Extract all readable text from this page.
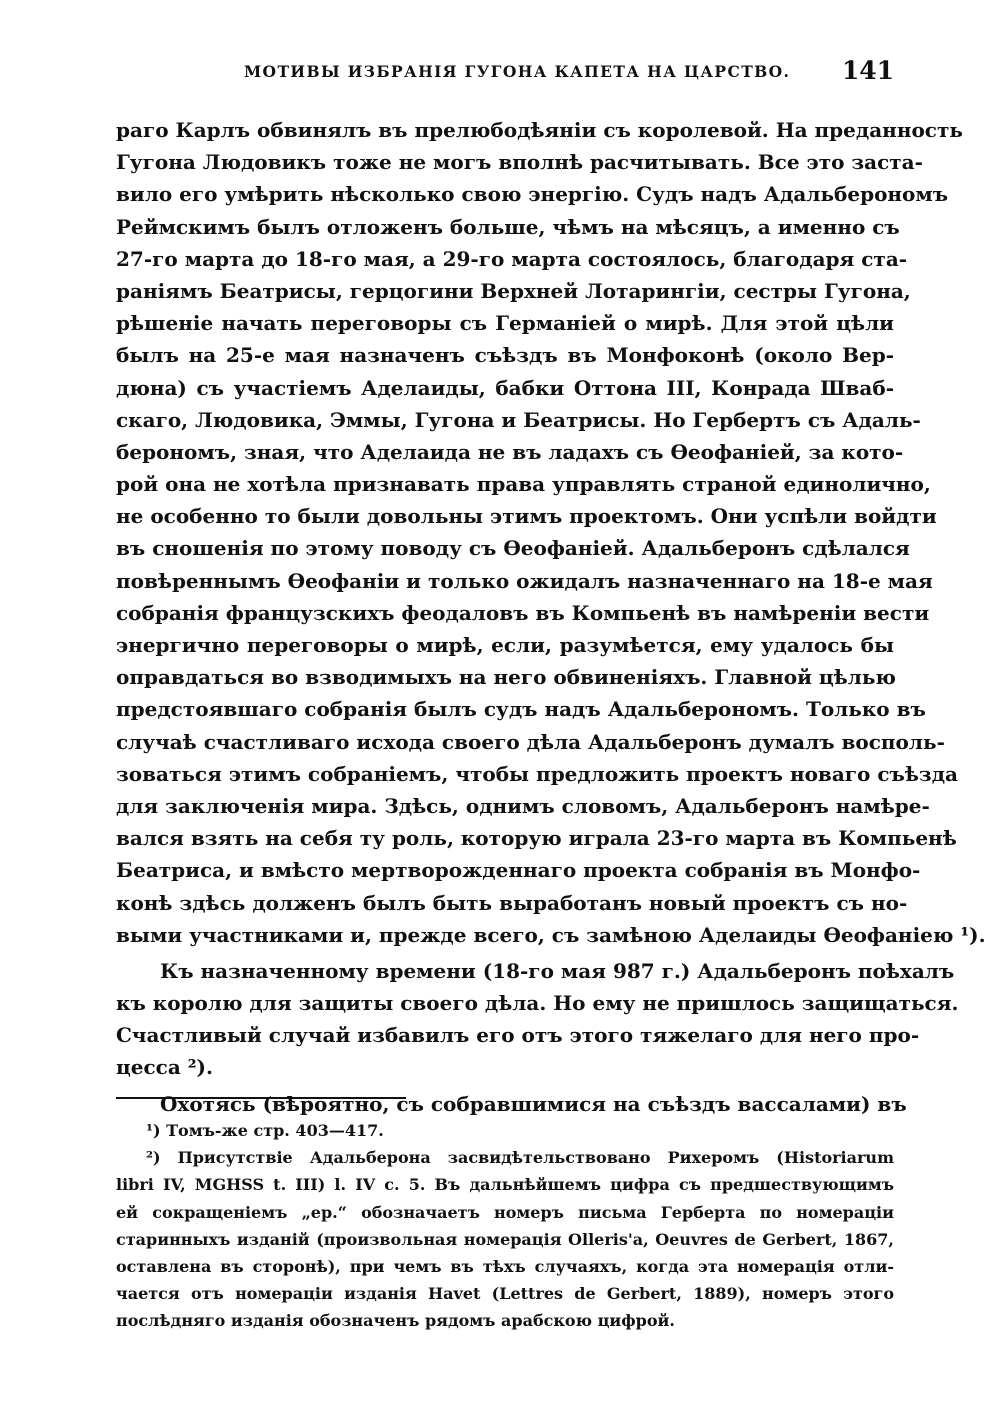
МОТИВЫ ИЗБРАНІЯ ГУГОНА КАПЕТА НА ЦАРСТВО. 141
раго Карлъ обвинялъ въ прелюбодѣяніи съ королевой. На преданность
Гугона Людовикъ тоже не могъ вполнѣ расчитывать. Все это заста-
вило его умѣрить нѣсколько свою энергію. Судъ надъ Адальберономъ
Реймскимъ былъ отложенъ больше, чѣмъ на мѣсяцъ, а именно съ
27-го марта до 18-го мая, а 29-го марта состоялось, благодаря ста-
раніямъ Беатрисы, герцогини Верхней Лотарингіи, сестры Гугона,
рѣшеніе начать переговоры съ Германіей о мирѣ. Для этой цѣли
былъ на 25-е мая назначенъ съѣздъ въ Монфоконѣ (около Вер-
дюна) съ участіемъ Аделаиды, бабки Оттона III, Конрада Шваб-
скаго, Людовика, Эммы, Гугона и Беатрисы. Но Гербертъ съ Адаль-
берономъ, зная, что Аделаида не въ ладахъ съ Ѳеофаніей, за кото-
рой она не хотѣла признавать права управлять страной единолично,
не особенно то были довольны этимъ проектомъ. Они успѣли войдти
въ сношенія по этому поводу съ Ѳеофаніей. Адальберонъ сдѣлался
повѣреннымъ Ѳеофаніи и только ожидалъ назначеннаго на 18-е мая
собранія французскихъ феодаловъ въ Компьенѣ въ намѣреніи вести
энергично переговоры о мирѣ, если, разумѣется, ему удалось бы
оправдаться во взводимыхъ на него обвиненіяхъ. Главной цѣлью
предстоявшаго собранія былъ судъ надъ Адальберономъ. Только въ
случаѣ счастливаго исхода своего дѣла Адальберонъ думалъ восполь-
зоваться этимъ собраніемъ, чтобы предложить проектъ новаго съѣзда
для заключенія мира. Здѣсь, однимъ словомъ, Адальберонъ намѣре-
вался взять на себя ту роль, которую играла 23-го марта въ Компьенѣ
Беатриса, и вмѣсто мертворожденнаго проекта собранія въ Монфо-
конѣ здѣсь долженъ былъ быть выработанъ новый проектъ съ но-
выми участниками и, прежде всего, съ замѣною Аделаиды Ѳеофаніею ¹).
Къ назначенному времени (18-го мая 987 г.) Адальберонъ поѣхалъ
къ королю для защиты своего дѣла. Но ему не пришлось защищаться.
Счастливый случай избавилъ его отъ этого тяжелаго для него про-
цесса ²).
Охотясь (вѣроятно, съ собравшимися на съѣздъ вассалами) въ
¹) Томъ-же стр. 403—417.
²) Присутствіе Адальберона засвидѣтельствовано Рихеромъ (Historiarum
libri IV, MGHSS t. III) l. IV c. 5. Въ дальнѣйшемъ цифра съ предшествующимъ
ей сокращеніемъ „ep.“ обозначаетъ номеръ письма Герберта по номераціи
старинныхъ изданій (произвольная номерація Ollerіs'а, Oeuvres de Gerbert, 1867,
оставлена въ сторонѣ), при чемъ въ тѣхъ случаяхъ, когда эта номерація отли-
чается отъ номераціи изданія Havet (Lettres de Gerbert, 1889), номеръ этого
послѣдняго изданія обозначенъ рядомъ арабскою цифрой.
